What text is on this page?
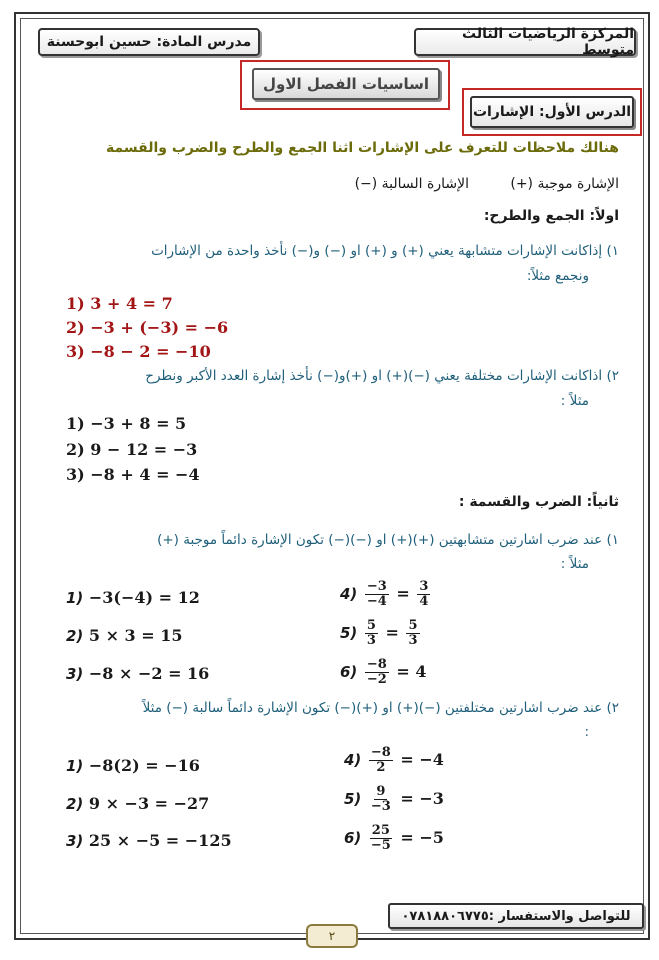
المركزة الرياضيات الثالث متوسط
مدرس المادة: حسين ابوحسنة
اساسيات الفصل الاول
الدرس الأول: الإشارات
هنالك ملاحظات للتعرف على الإشارات اثنا الجمع والطرح والضرب والقسمة
الإشارة موجبة (+)
الإشارة السالبة (−)
اولاً: الجمع والطرح:
١) إذاكانت الإشارات متشابهة يعني (+) و (+) او (−) و(−) نأخذ واحدة من الإشارات
ونجمع مثلاً:
1) 3 + 4 = 7
2) −3 + (−3) = −6
3) −8 − 2 = −10
٢) اذاكانت الإشارات مختلفة يعني (−)(+) او (+)و(−) نأخذ إشارة العدد الأكبر ونطرح
مثلاً :
1) −3 + 8 = 5
2) 9 − 12 = −3
3) −8 + 4 = −4
ثانياً: الضرب والقسمة :
١) عند ضرب اشارتين متشابهتين (+)(+) او (−)(−) تكون الإشارة دائماً موجبة (+)
مثلاً :
1) −3(−4) = 12
2) 5 × 3 = 15
3) −8 × −2 = 16
$4) \frac{-3}{-4} = \frac{3}{4}$
$5) \frac{5}{3} = \frac{5}{3}$
$6) \frac{-8}{-2} = 4$
٢) عند ضرب اشارتين مختلفتين (−)(+) او (+)(−) تكون الإشارة دائماً سالبة (−) مثلاً
:
1) −8(2) = −16
2) 9 × −3 = −27
3) 25 × −5 = −125
$4) \frac{-8}{2} = -4$
$5) \frac{9}{-3} = -3$
$6) \frac{25}{-5} = -5$
للتواصل والاستفسار :٠٧٨١٨٨٠٦٧٧٥
٢
